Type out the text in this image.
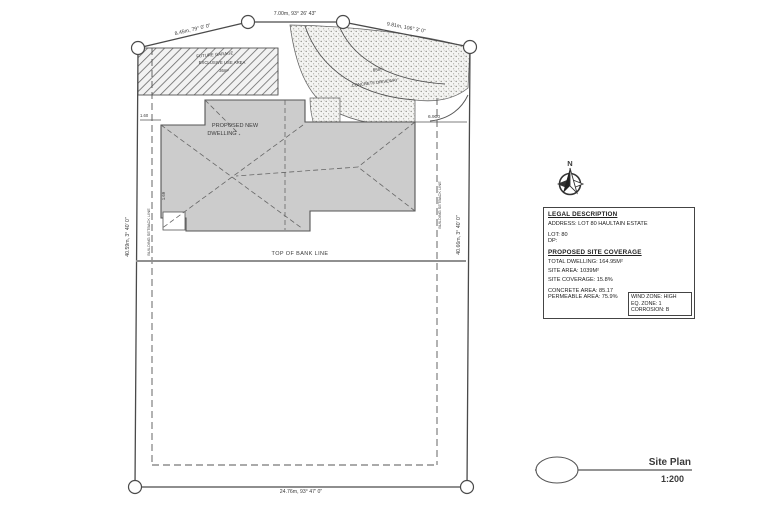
TOP OF BANK LINE
6.900
1.60
1.69
8.45m, 79° 0' 0"
7.00m, 93° 26' 43"
9.81m, 106° 3' 0"
40.59m, 3° 40' 0"	40.66m, 3° 40' 0"
24.76m, 93° 47' 0"
BUILDING SETBACK LINE
BUILDING SETBACK LINE
PROPOSED NEW
DWELLING
FUTURE GARAGE
EXCLUSIVE USE AREA
36m²	85m²
CONCRETE DRIVEWAY
N
Site Plan
1:200
LEGAL DESCRIPTION
ADDRESS: LOT 80 HAULTAIN ESTATE
LOT: 80
DP:
PROPOSED SITE COVERAGE
TOTAL DWELLING: 164.95M²
SITE AREA: 1039M²
SITE COVERAGE: 15.8%
CONCRETE AREA: 85.17
PERMEABLE AREA: 75.9%	WIND ZONE: HIGH
EQ. ZONE: 1
CORROSION: B
